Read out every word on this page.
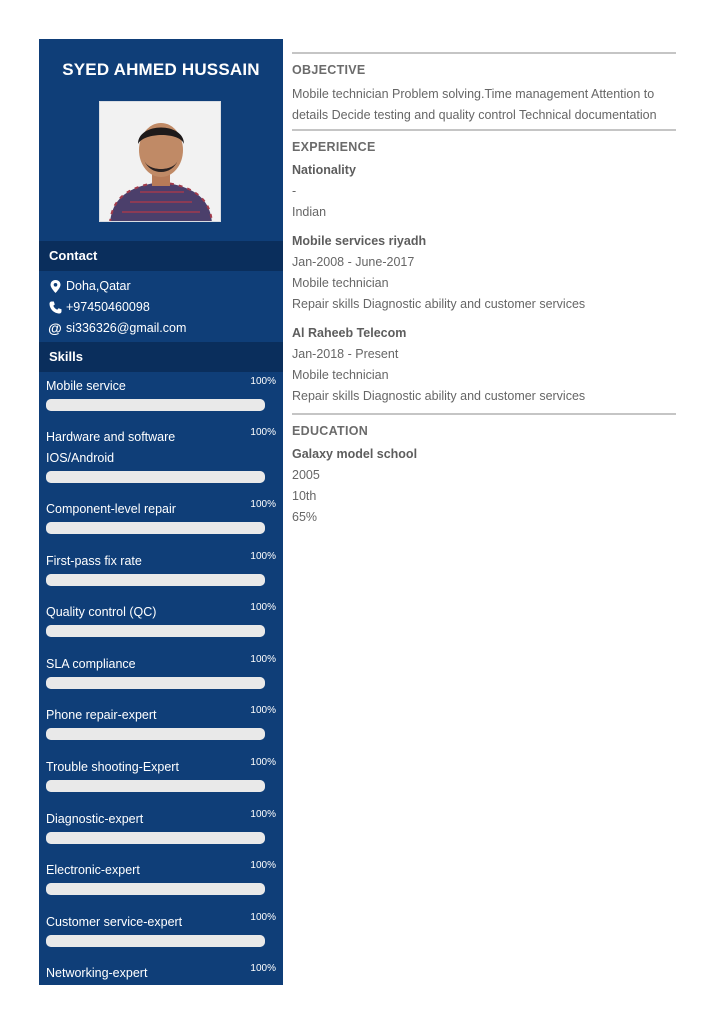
SYED AHMED HUSSAIN
Contact
Doha,Qatar
+97450460098
@ si336326@gmail.com
Skills
Mobile service	100%
Hardware and software IOS/Android
100%
Component-level repair	100%
First-pass fix rate	100%
Quality control (QC)	100%
SLA compliance	100%
Phone repair-expert	100%
Trouble shooting-Expert	100%
Diagnostic-expert	100%
Electronic-expert	100%
Customer service-expert	100%
Networking-expert	100%
OBJECTIVE
Mobile technician Problem solving.Time management Attention to details Decide testing and quality control Technical documentation
EXPERIENCE
Nationality
-
Indian
Mobile services riyadh
Jan-2008 - June-2017
Mobile technician
Repair skills Diagnostic ability and customer services
Al Raheeb Telecom
Jan-2018 - Present
Mobile technician
Repair skills Diagnostic ability and customer services
EDUCATION
Galaxy model school
2005
10th
65%
